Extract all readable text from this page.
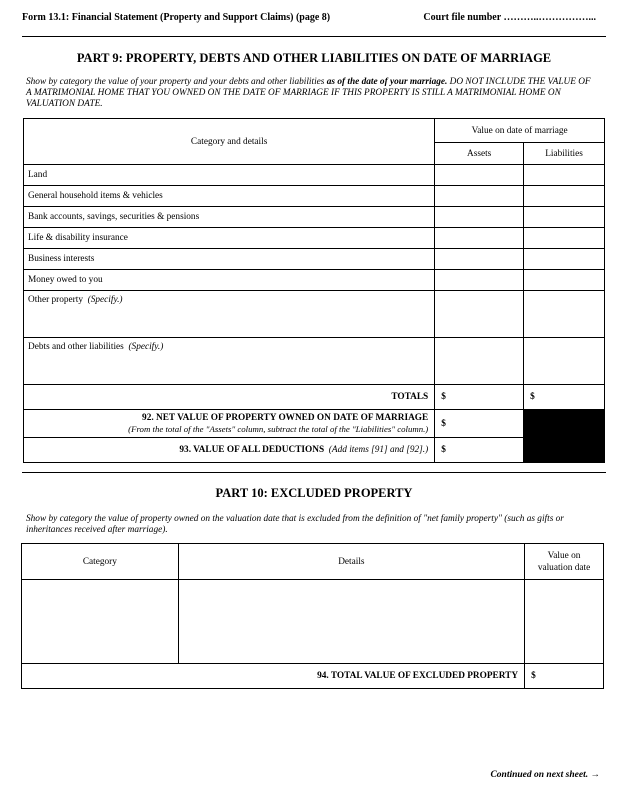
Form 13.1: Financial Statement (Property and Support Claims) (page 8)	Court file number ………..……………...
PART 9: PROPERTY, DEBTS AND OTHER LIABILITIES ON DATE OF MARRIAGE
Show by category the value of your property and your debts and other liabilities as of the date of your marriage. DO NOT INCLUDE THE VALUE OF A MATRIMONIAL HOME THAT YOU OWNED ON THE DATE OF MARRIAGE IF THIS PROPERTY IS STILL A MATRIMONIAL HOME ON VALUATION DATE.
Category and details	Value on date of marriage	
	Assets	Liabilities
Land		
General household items & vehicles		
Bank accounts, savings, securities & pensions		
Life & disability insurance		
Business interests		
Money owed to you		
Other property (Specify.)		
Debts and other liabilities (Specify.)		
TOTALS	$	$

92. NET VALUE OF PROPERTY OWNED ON DATE OF MARRIAGE
(From the total of the "Assets" column, subtract the total of the "Liabilities" column.)	$	
93. VALUE OF ALL DEDUCTIONS (Add items [91] and [92].)	$	
PART 10: EXCLUDED PROPERTY
Show by category the value of property owned on the valuation date that is excluded from the definition of "net family property" (such as gifts or inheritances received after marriage).
Category	Details	Value on
valuation date

94. TOTAL VALUE OF EXCLUDED PROPERTY		$
Continued on next sheet. →
